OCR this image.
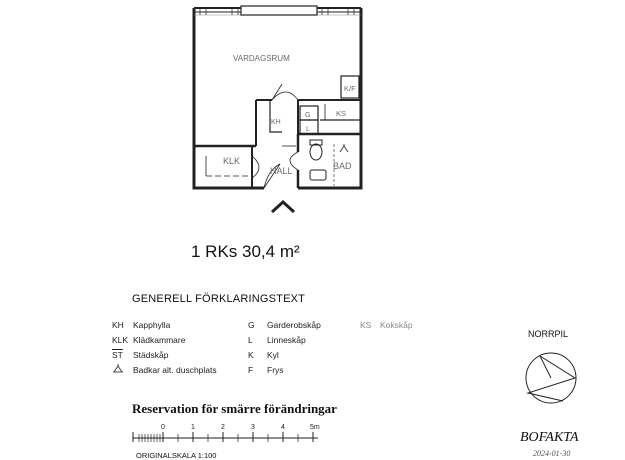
VARDAGSRUM
K/F
KS
KH
G
L
KLK
HALL	BAD
0	1	2	3	4	5m
1 RKs 30,4 m²
GENERELL FÖRKLARINGSTEXT
KH Kapphylla
KLK Klädkammare
$\overline{ST}$ Städskåp
Badkar alt. duschplats
G Garderobskåp
L Linneskåp
K Kyl
F Frys
KS Kokskåp
Reservation för smärre förändringar
ORIGINALSKALA 1:100
NORRPIL
BOFAKTA
2024-01-30
